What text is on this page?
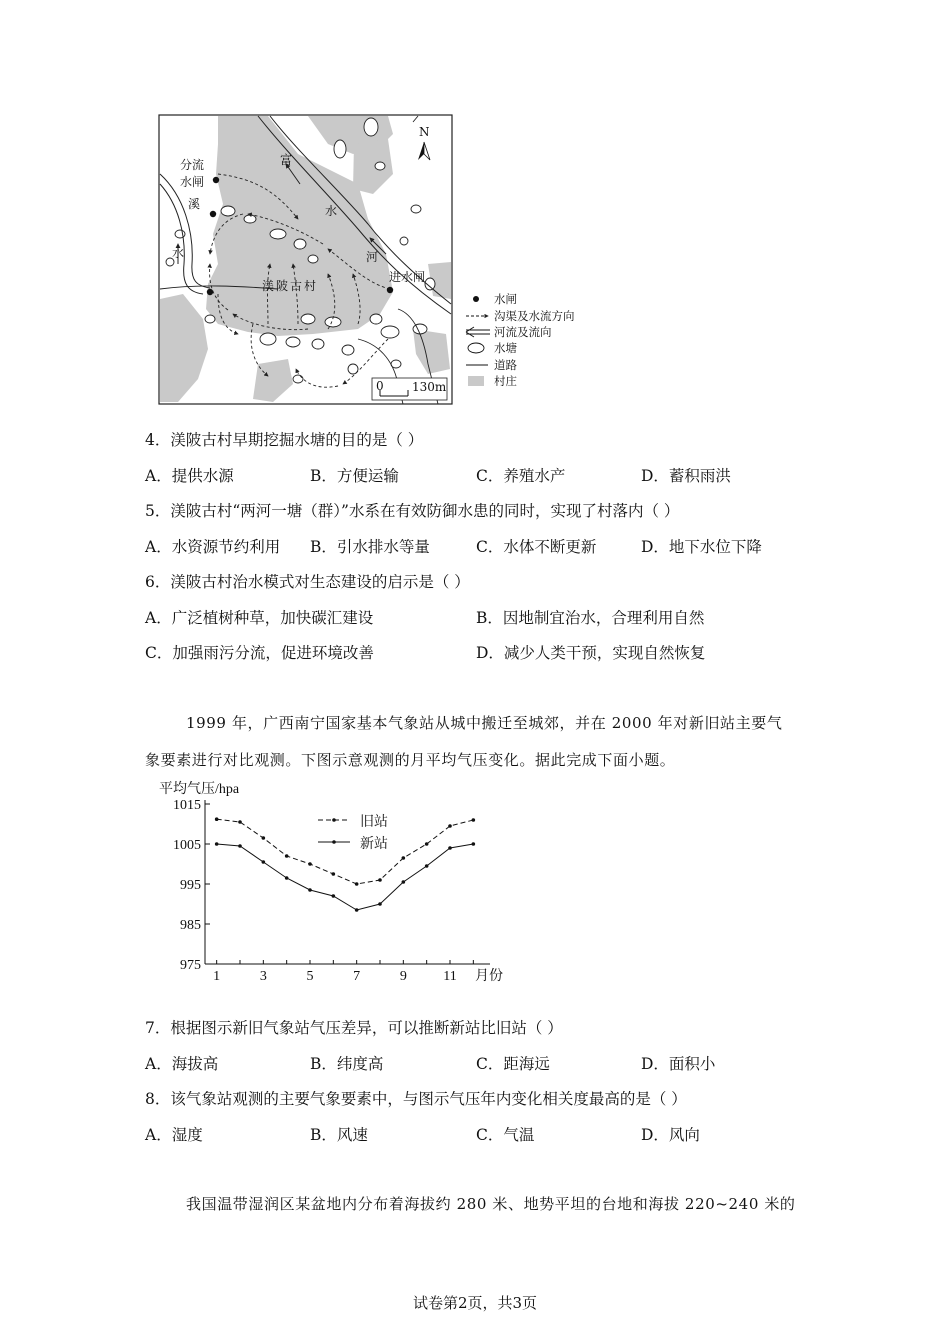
N
0 130m
分流
水闸
溪
水
富
水
河
渼陂古村
进水闸
水闸
沟渠及水流方向
河流及流向
水塘
道路
村庄
4．渼陂古村早期挖掘水塘的目的是（ ）
A．提供水源	B．方便运输	C．养殖水产	D．蓄积雨洪
5．渼陂古村“两河一塘（群）”水系在有效防御水患的同时，实现了村落内（ ）
A．水资源节约利用 B．引水排水等量	C．水体不断更新	D．地下水位下降
6．渼陂古村治水模式对生态建设的启示是（ ）
A．广泛植树种草，加快碳汇建设	B．因地制宜治水，合理利用自然
C．加强雨污分流，促进环境改善	D．减少人类干预，实现自然恢复
1999 年，广西南宁国家基本气象站从城中搬迁至城郊，并在 2000 年对新旧站主要气
象要素进行对比观测。下图示意观测的月平均气压变化。据此完成下面小题。
平均气压/hpa
1015
1005
995
985
975
1	3	5	7	9	11
旧站
新站
月份
7．根据图示新旧气象站气压差异，可以推断新站比旧站（ ）
A．海拔高	B．纬度高	C．距海远	D．面积小
8．该气象站观测的主要气象要素中，与图示气压年内变化相关度最高的是（ ）
A．湿度	B．风速	C．气温	D．风向
我国温带湿润区某盆地内分布着海拔约 280 米、地势平坦的台地和海拔 220~240 米的
试卷第2页，共3页
